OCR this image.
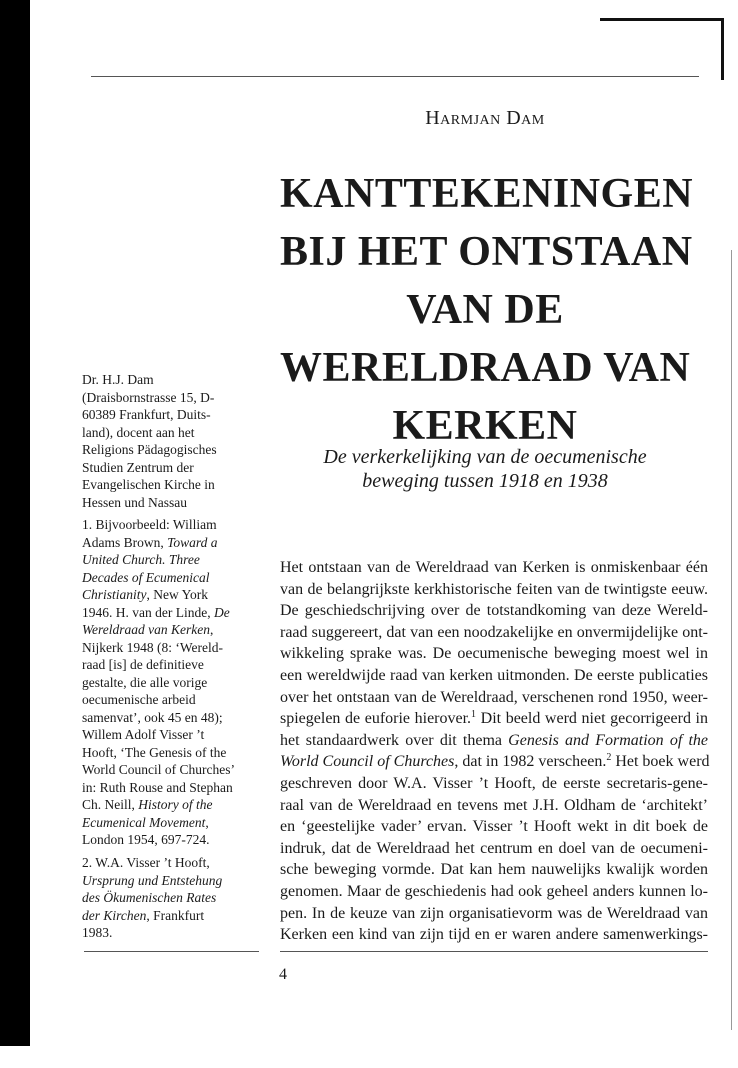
Harmjan Dam
KANTTEKENINGEN
BIJ HET ONTSTAAN
VAN DE
WERELDRAAD VAN
KERKEN
De verkerkelijking van de oecumenische
beweging tussen 1918 en 1938
Dr. H.J. Dam
(Draisbornstrasse 15, D-
60389 Frankfurt, Duits-
land), docent aan het
Religions Pädagogisches
Studien Zentrum der
Evangelischen Kirche in
Hessen und Nassau
1. Bijvoorbeeld: William
Adams Brown, Toward a
United Church. Three
Decades of Ecumenical
Christianity, New York
1946. H. van der Linde, De
Wereldraad van Kerken,
Nijkerk 1948 (8: ‘Wereld-
raad [is] de definitieve
gestalte, die alle vorige
oecumenische arbeid
samenvat’, ook 45 en 48);
Willem Adolf Visser ’t
Hooft, ‘The Genesis of the
World Council of Churches’
in: Ruth Rouse and Stephan
Ch. Neill, History of the
Ecumenical Movement,
London 1954, 697-724.
2. W.A. Visser ’t Hooft,
Ursprung und Entstehung
des Ökumenischen Rates
der Kirchen, Frankfurt
1983.
Het ontstaan van de Wereldraad van Kerken is onmiskenbaar één
van de belangrijkste kerkhistorische feiten van de twintigste eeuw.
De geschiedschrijving over de totstandkoming van deze Wereld-
raad suggereert, dat van een noodzakelijke en onvermijdelijke ont-
wikkeling sprake was. De oecumenische beweging moest wel in
een wereldwijde raad van kerken uitmonden. De eerste publicaties
over het ontstaan van de Wereldraad, verschenen rond 1950, weer-
spiegelen de euforie hierover.$^1$ Dit beeld werd niet gecorrigeerd in
het standaardwerk over dit thema Genesis and Formation of the
World Council of Churches, dat in 1982 verscheen.$^2$ Het boek werd
geschreven door W.A. Visser ’t Hooft, de eerste secretaris-gene-
raal van de Wereldraad en tevens met J.H. Oldham de ‘architekt’
en ‘geestelijke vader’ ervan. Visser ’t Hooft wekt in dit boek de
indruk, dat de Wereldraad het centrum en doel van de oecumeni-
sche beweging vormde. Dat kan hem nauwelijks kwalijk worden
genomen. Maar de geschiedenis had ook geheel anders kunnen lo-
pen. In de keuze van zijn organisatievorm was de Wereldraad van
Kerken een kind van zijn tijd en er waren andere samenwerkings-
4
